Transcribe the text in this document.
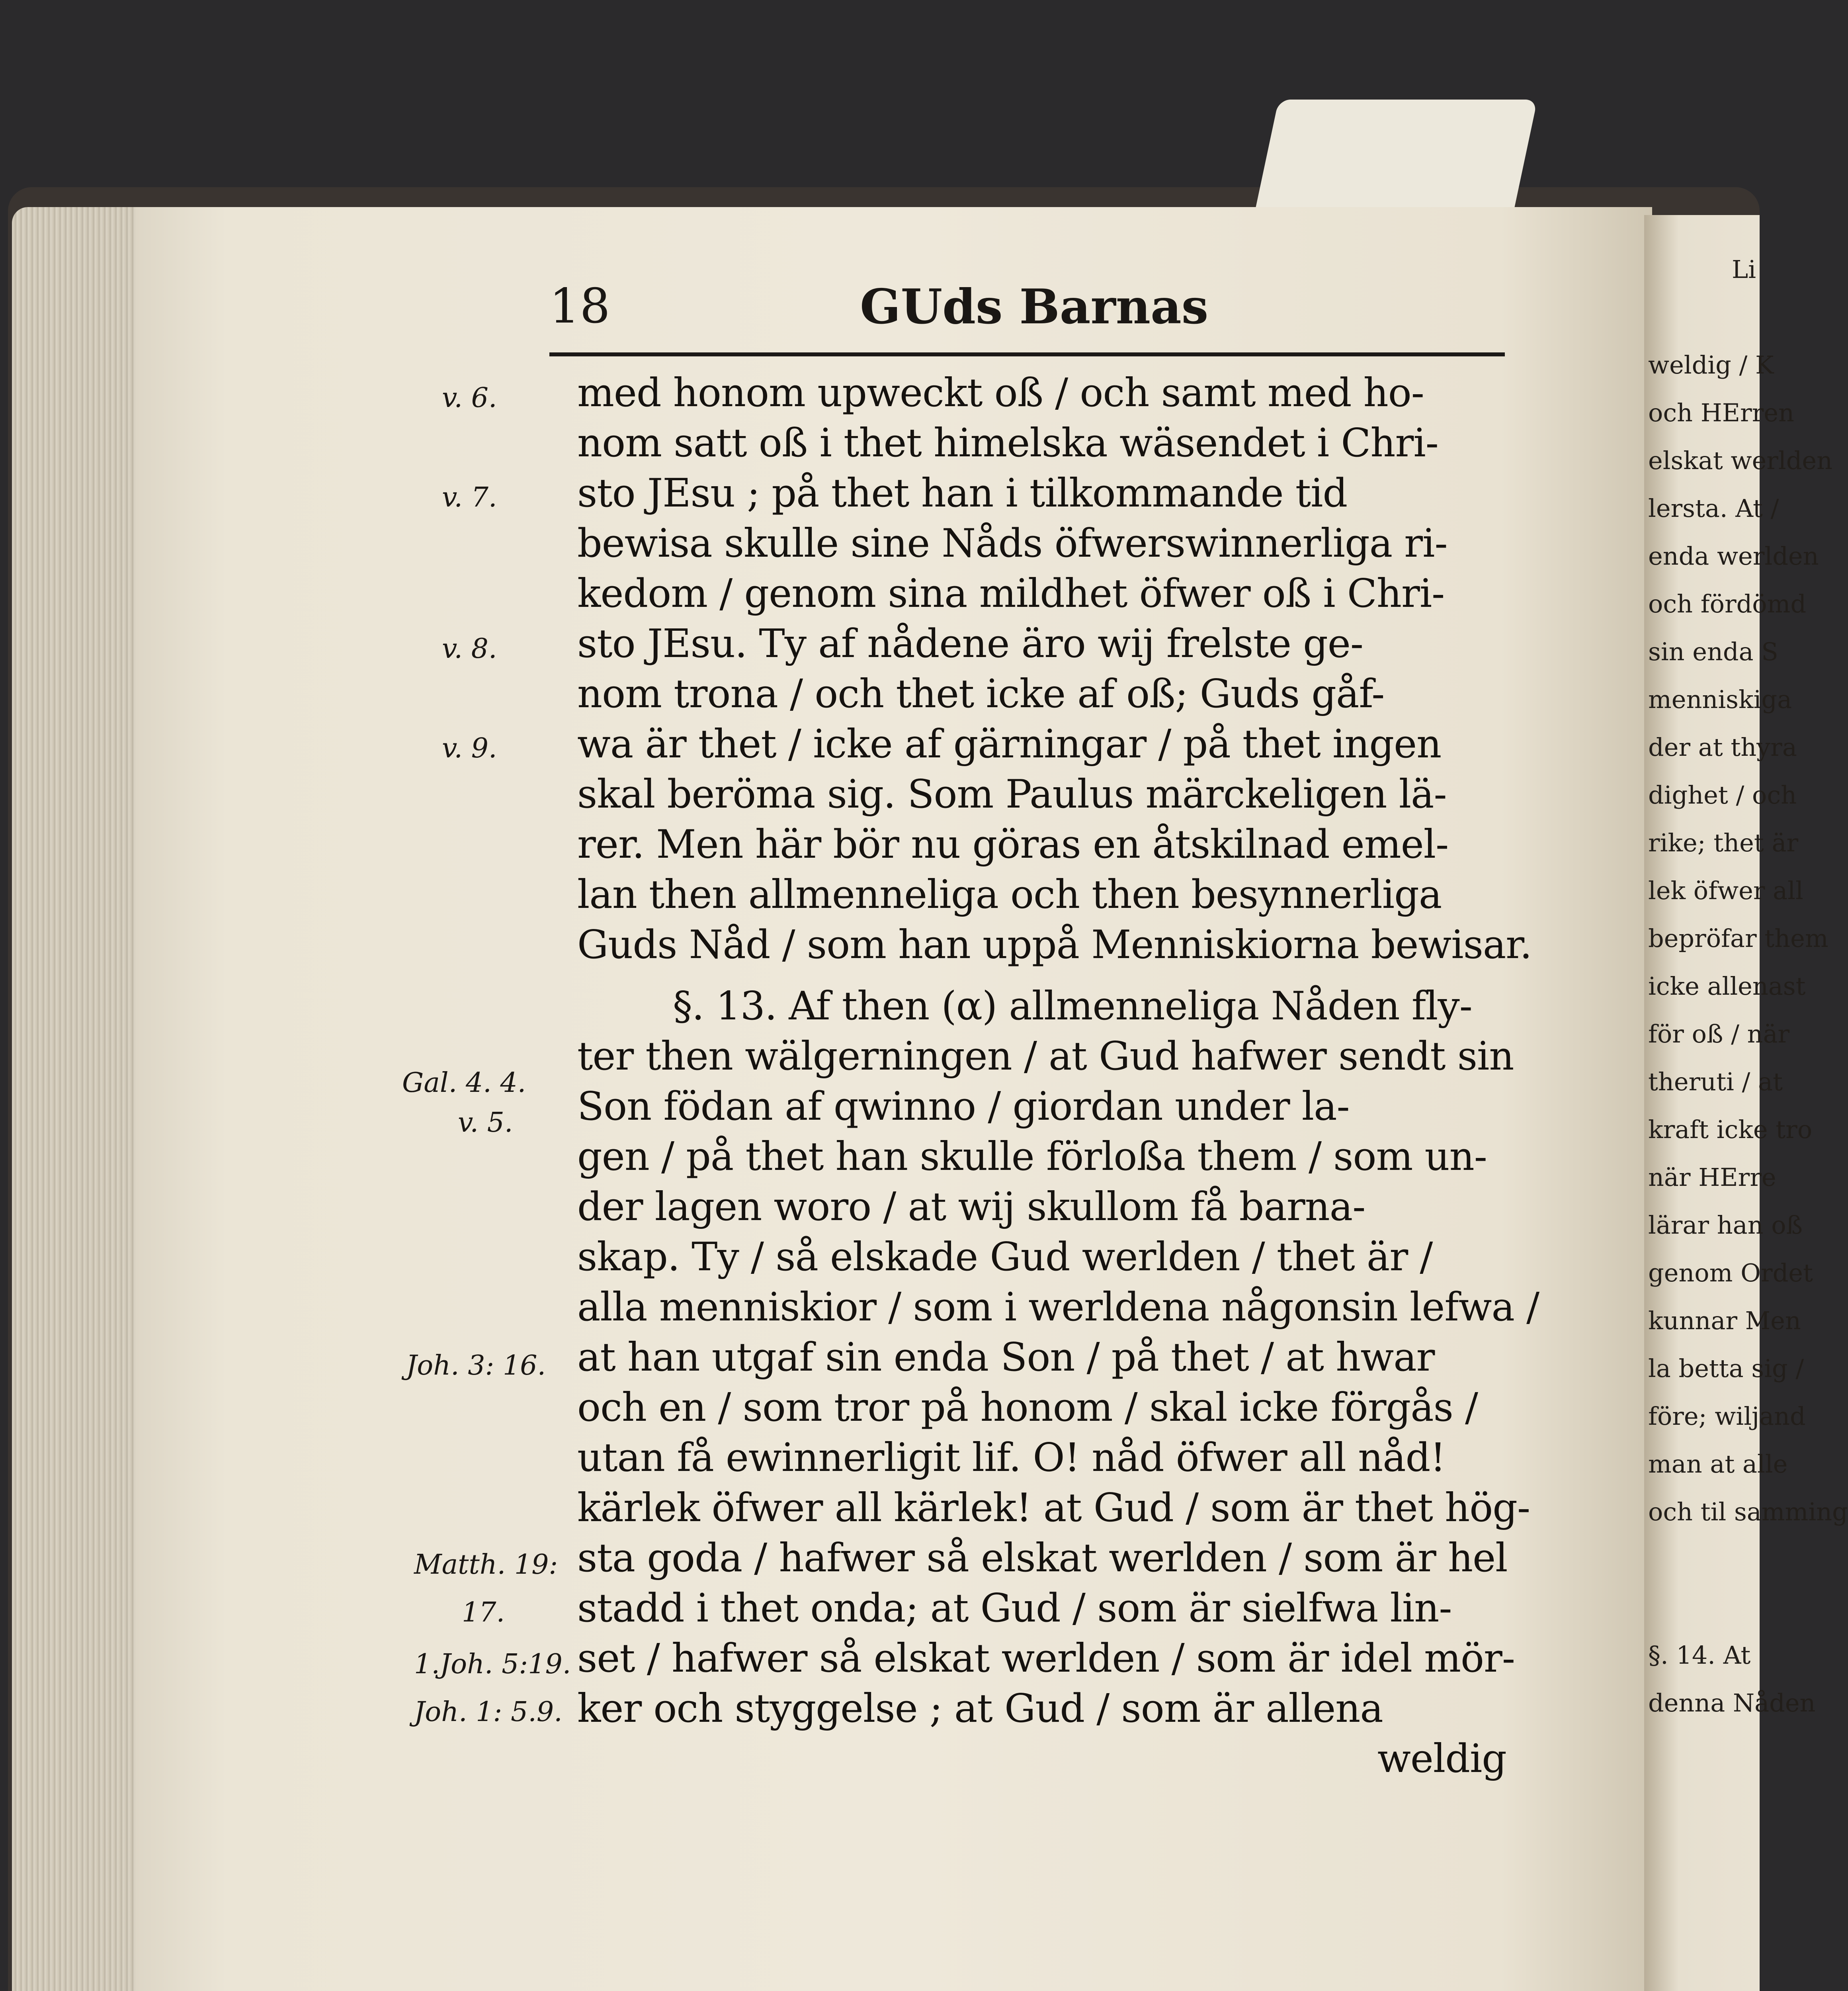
18	GUds Barnas
v. 6.
v. 7.
v. 8.
v. 9.
Gal. 4. 4.
v. 5.
Joh. 3: 16.
Matth. 19:
17.
1.Joh. 5:19.
Joh. 1: 5.9.
med honom upweckt oß / och samt med ho-
nom satt oß i thet himelska wäsendet i Chri-
sto JEsu ; på thet han i tilkommande tid
bewisa skulle sine Nåds öfwerswinnerliga ri-
kedom / genom sina mildhet öfwer oß i Chri-
sto JEsu. Ty af nådene äro wij frelste ge-
nom trona / och thet icke af oß; Guds gåf-
wa är thet / icke af gärningar / på thet ingen
skal beröma sig. Som Paulus märckeligen lä-
rer. Men här bör nu göras en åtskilnad emel-
lan then allmenneliga och then besynnerliga
Guds Nåd / som han uppå Menniskiorna bewisar.
§. 13. Af then (α) allmenneliga Nåden fly-
ter then wälgerningen / at Gud hafwer sendt sin
Son födan af qwinno / giordan under la-
gen / på thet han skulle förloßa them / som un-
der lagen woro / at wij skullom få barna-
skap. Ty / så elskade Gud werlden / thet är /
alla menniskior / som i werldena någonsin lefwa /
at han utgaf sin enda Son / på thet / at hwar
och en / som tror på honom / skal icke förgås /
utan få ewinnerligit lif. O! nåd öfwer all nåd!
kärlek öfwer all kärlek! at Gud / som är thet hög-
sta goda / hafwer så elskat werlden / som är hel
stadd i thet onda; at Gud / som är sielfwa lin-
set / hafwer så elskat werlden / som är idel mör-
ker och styggelse ; at Gud / som är allena
weldig
Li
weldig / K
och HErren
elskat werlden
lersta. At /
enda werlden
och fördömd
sin enda S
menniskiga
der at thyra
dighet / och
rike; thet är
lek öfwer all
bepröfar them
icke allenast
för oß / när
theruti / at
kraft icke tro
när HErre
lärar han oß
genom Ordet
kunnar Men
la betta sig /
före; wiljand
man at alle
och til samming
§. 14. At
denna Nåden
